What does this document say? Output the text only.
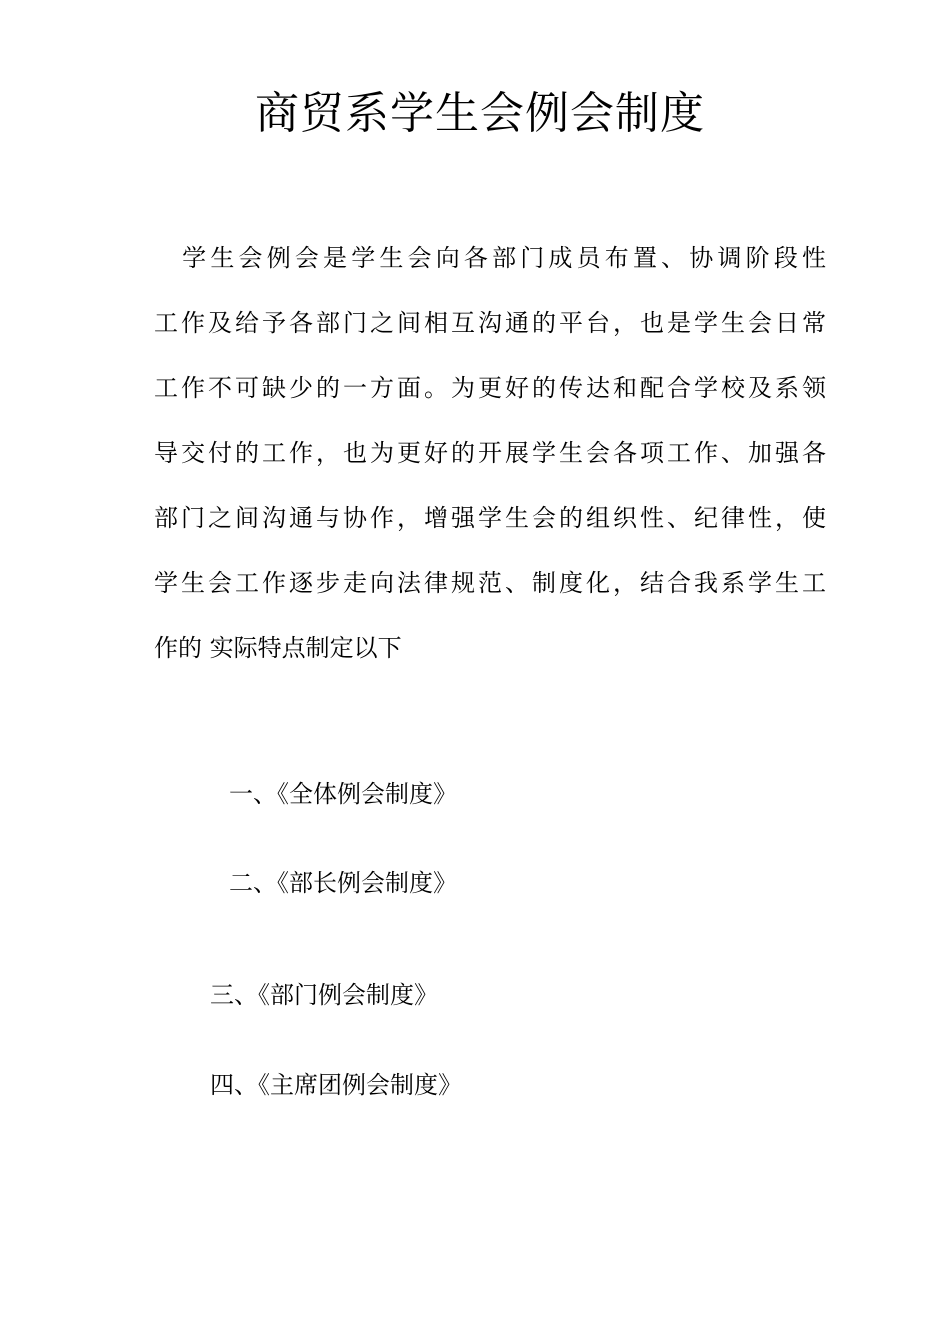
商贸系学生会例会制度
　学生会例会是学生会向各部门成员布置、协调阶段性
工作及给予各部门之间相互沟通的平台，也是学生会日常
工作不可缺少的一方面。为更好的传达和配合学校及系领
导交付的工作，也为更好的开展学生会各项工作、加强各
部门之间沟通与协作，增强学生会的组织性、纪律性，使
学生会工作逐步走向法律规范、制度化，结合我系学生工
作的 实际特点制定以下

一、《全体例会制度》

二、《部长例会制度》

三、《部门例会制度》

四、《主席团例会制度》
